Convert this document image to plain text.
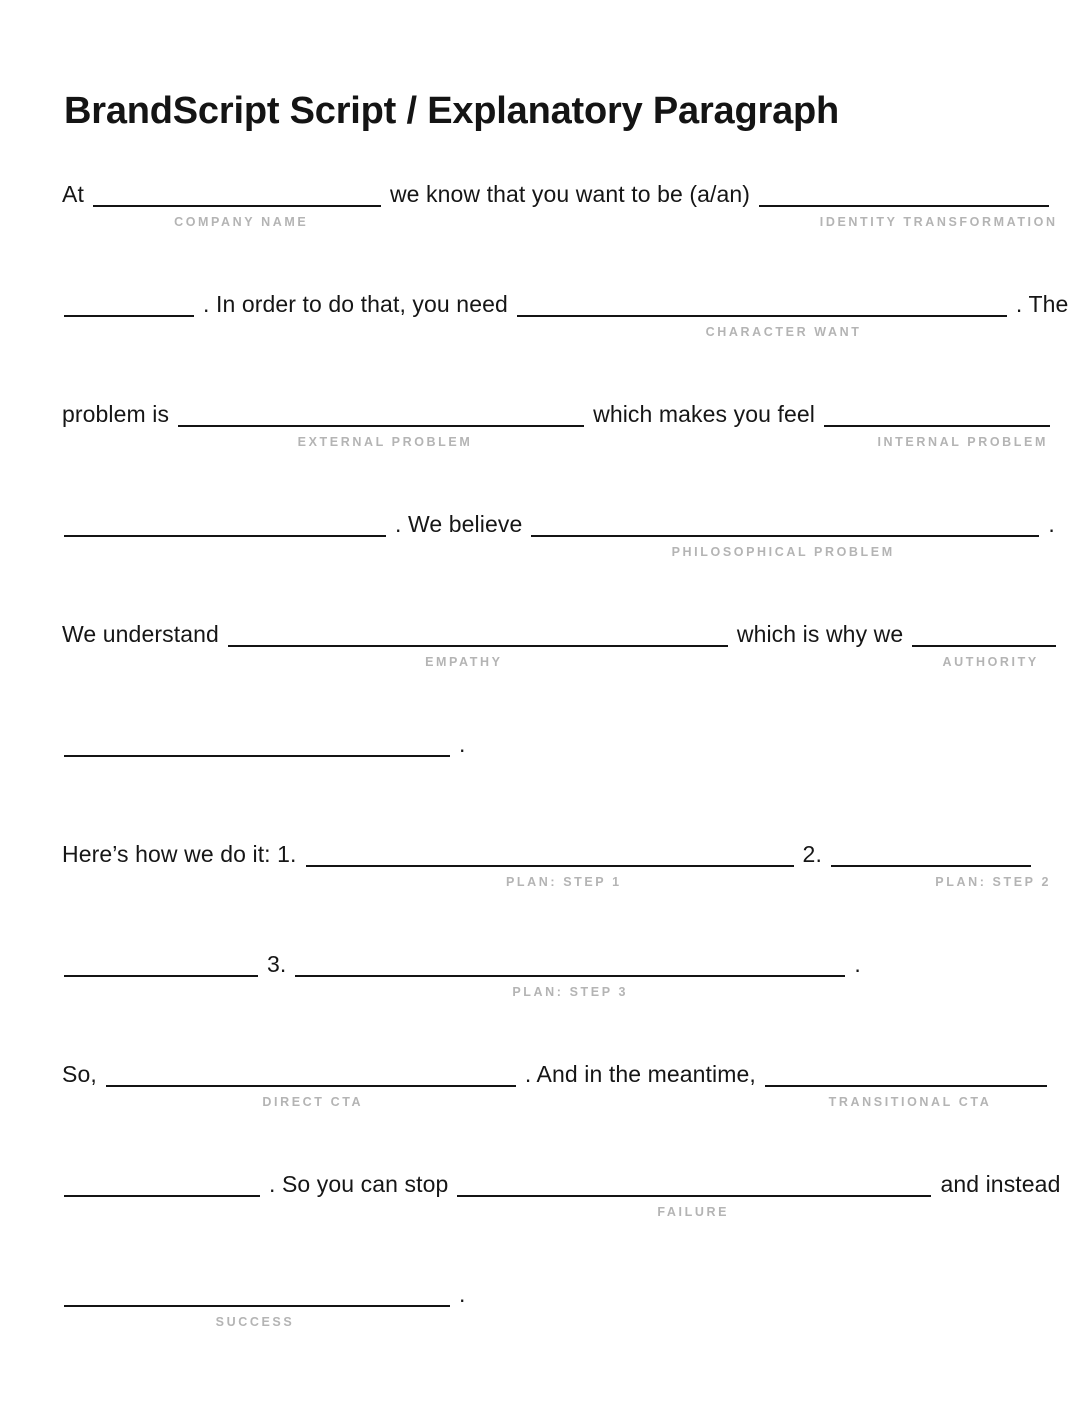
BrandScript Script / Explanatory Paragraph
At	we know that you want to be (a/an)
COMPANY NAME	IDENTITY TRANSFORMATION
. In order to do that, you need	. The
CHARACTER WANT
problem is	which makes you feel
EXTERNAL PROBLEM	INTERNAL PROBLEM
. We believe	.
PHILOSOPHICAL PROBLEM
We understand	which is why we
EMPATHY	AUTHORITY
.
Here’s how we do it: 1.	2.
PLAN: STEP 1	PLAN: STEP 2
3.	.
PLAN: STEP 3
So,	. And in the meantime,
DIRECT CTA	TRANSITIONAL CTA
. So you can stop	and instead
FAILURE
.
SUCCESS
